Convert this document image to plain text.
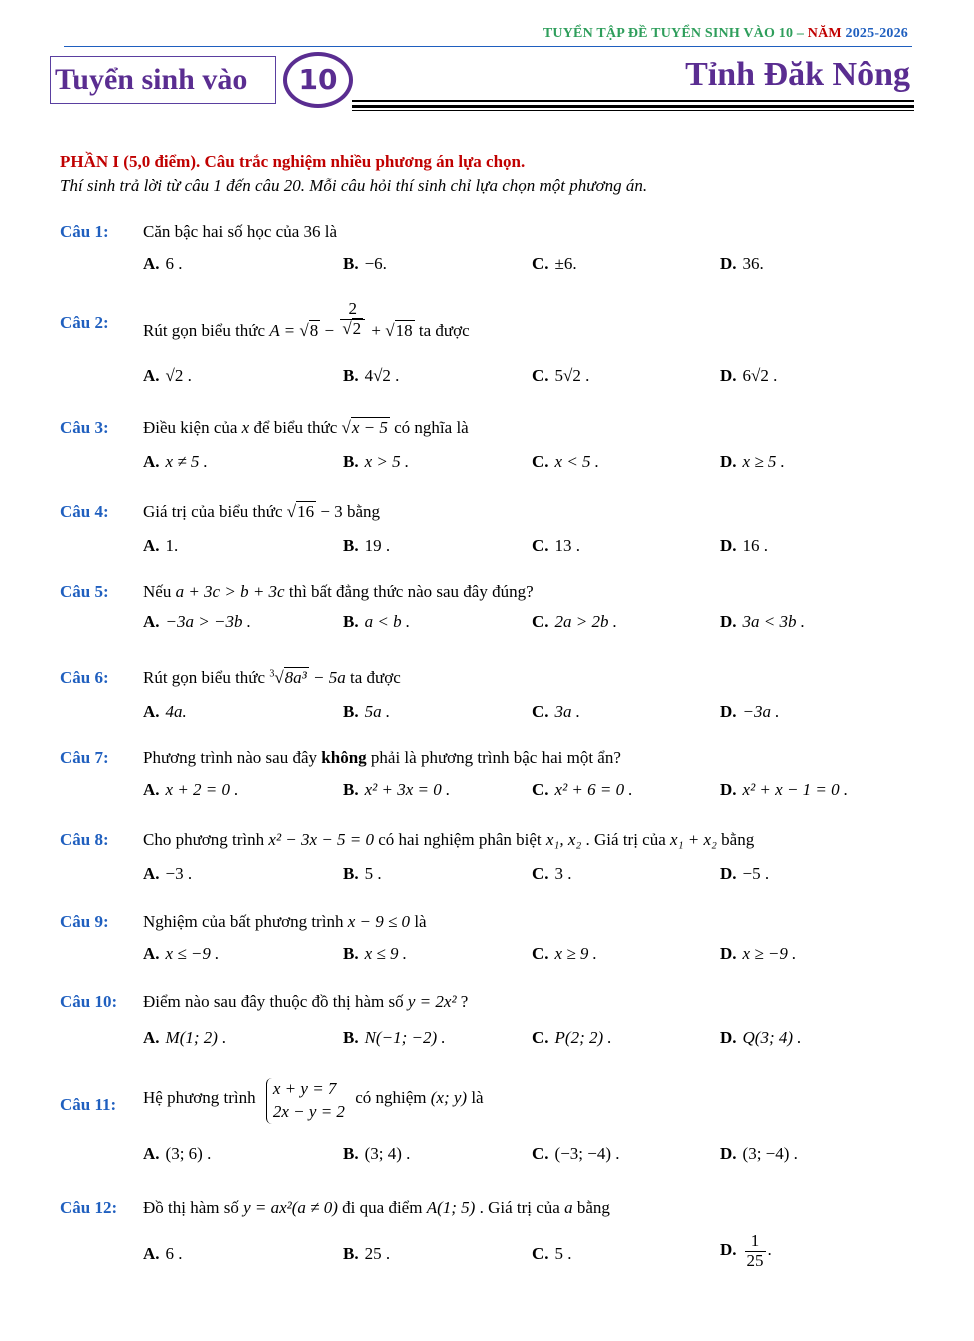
TUYỂN TẬP ĐỀ TUYỂN SINH VÀO 10 – NĂM 2025-2026
Tuyển sinh vào	10	Tỉnh Đăk Nông
PHẦN I (5,0 điểm). Câu trắc nghiệm nhiều phương án lựa chọn.
Thí sinh trả lời từ câu 1 đến câu 20. Mỗi câu hỏi thí sinh chỉ lựa chọn một phương án.
Câu 1: Căn bậc hai số học của 36 là
A. 6 .	B. −6.	C. ±6.	D. 36.
Câu 2: Rút gọn biểu thức $A = √8 - \frac{2}{√2} + √18$ ta được
A. √2 .	B. 4√2 .	C. 5√2 .	D. 6√2 .
Câu 3: Điều kiện của x để biểu thức √x − 5 có nghĩa là
A. x ≠ 5 .	B. x > 5 .	C. x < 5 .	D. x ≥ 5 .
Câu 4: Giá trị của biểu thức √16 − 3 bằng
A. 1.	B. 19 .	C. 13 .	D. 16 .
Câu 5: Nếu a + 3c > b + 3c thì bất đẳng thức nào sau đây đúng?
A. −3a > −3b .	B. a < b .	C. 2a > 2b .	D. 3a < 3b .
Câu 6: Rút gọn biểu thức $^3$√8a³ − 5a ta được
A. 4a.	B. 5a .	C. 3a .	D. −3a .
Câu 7: Phương trình nào sau đây không phải là phương trình bậc hai một ẩn?
A. x + 2 = 0 .	B. x² + 3x = 0 .	C. x² + 6 = 0 .	D. x² + x − 1 = 0 .
Câu 8: Cho phương trình x² − 3x − 5 = 0 có hai nghiệm phân biệt x₁, x₂ . Giá trị của x₁ + x₂ bằng
A. −3 .	B. 5 .	C. 3 .	D. −5 .
Câu 9: Nghiệm của bất phương trình x − 9 ≤ 0 là
A. x ≤ −9 .	B. x ≤ 9 .	C. x ≥ 9 .	D. x ≥ −9 .
Câu 10: Điểm nào sau đây thuộc đồ thị hàm số y = 2x² ?
A. M(1; 2) .	B. N(−1; −2) .	C. P(2; 2) .	D. Q(3; 4) .
Câu 11: Hệ phương trình x + y = 7
2x − y = 2 có nghiệm (x; y) là
A. (3; 6) .	B. (3; 4) .	C. (−3; −4) .	D. (3; −4) .
Câu 12: Đồ thị hàm số y = ax²(a ≠ 0) đi qua điểm A(1; 5) . Giá trị của a bằng
A. 6 .	B. 25 .	C. 5 .	D. $\frac{1}{25}$ .
